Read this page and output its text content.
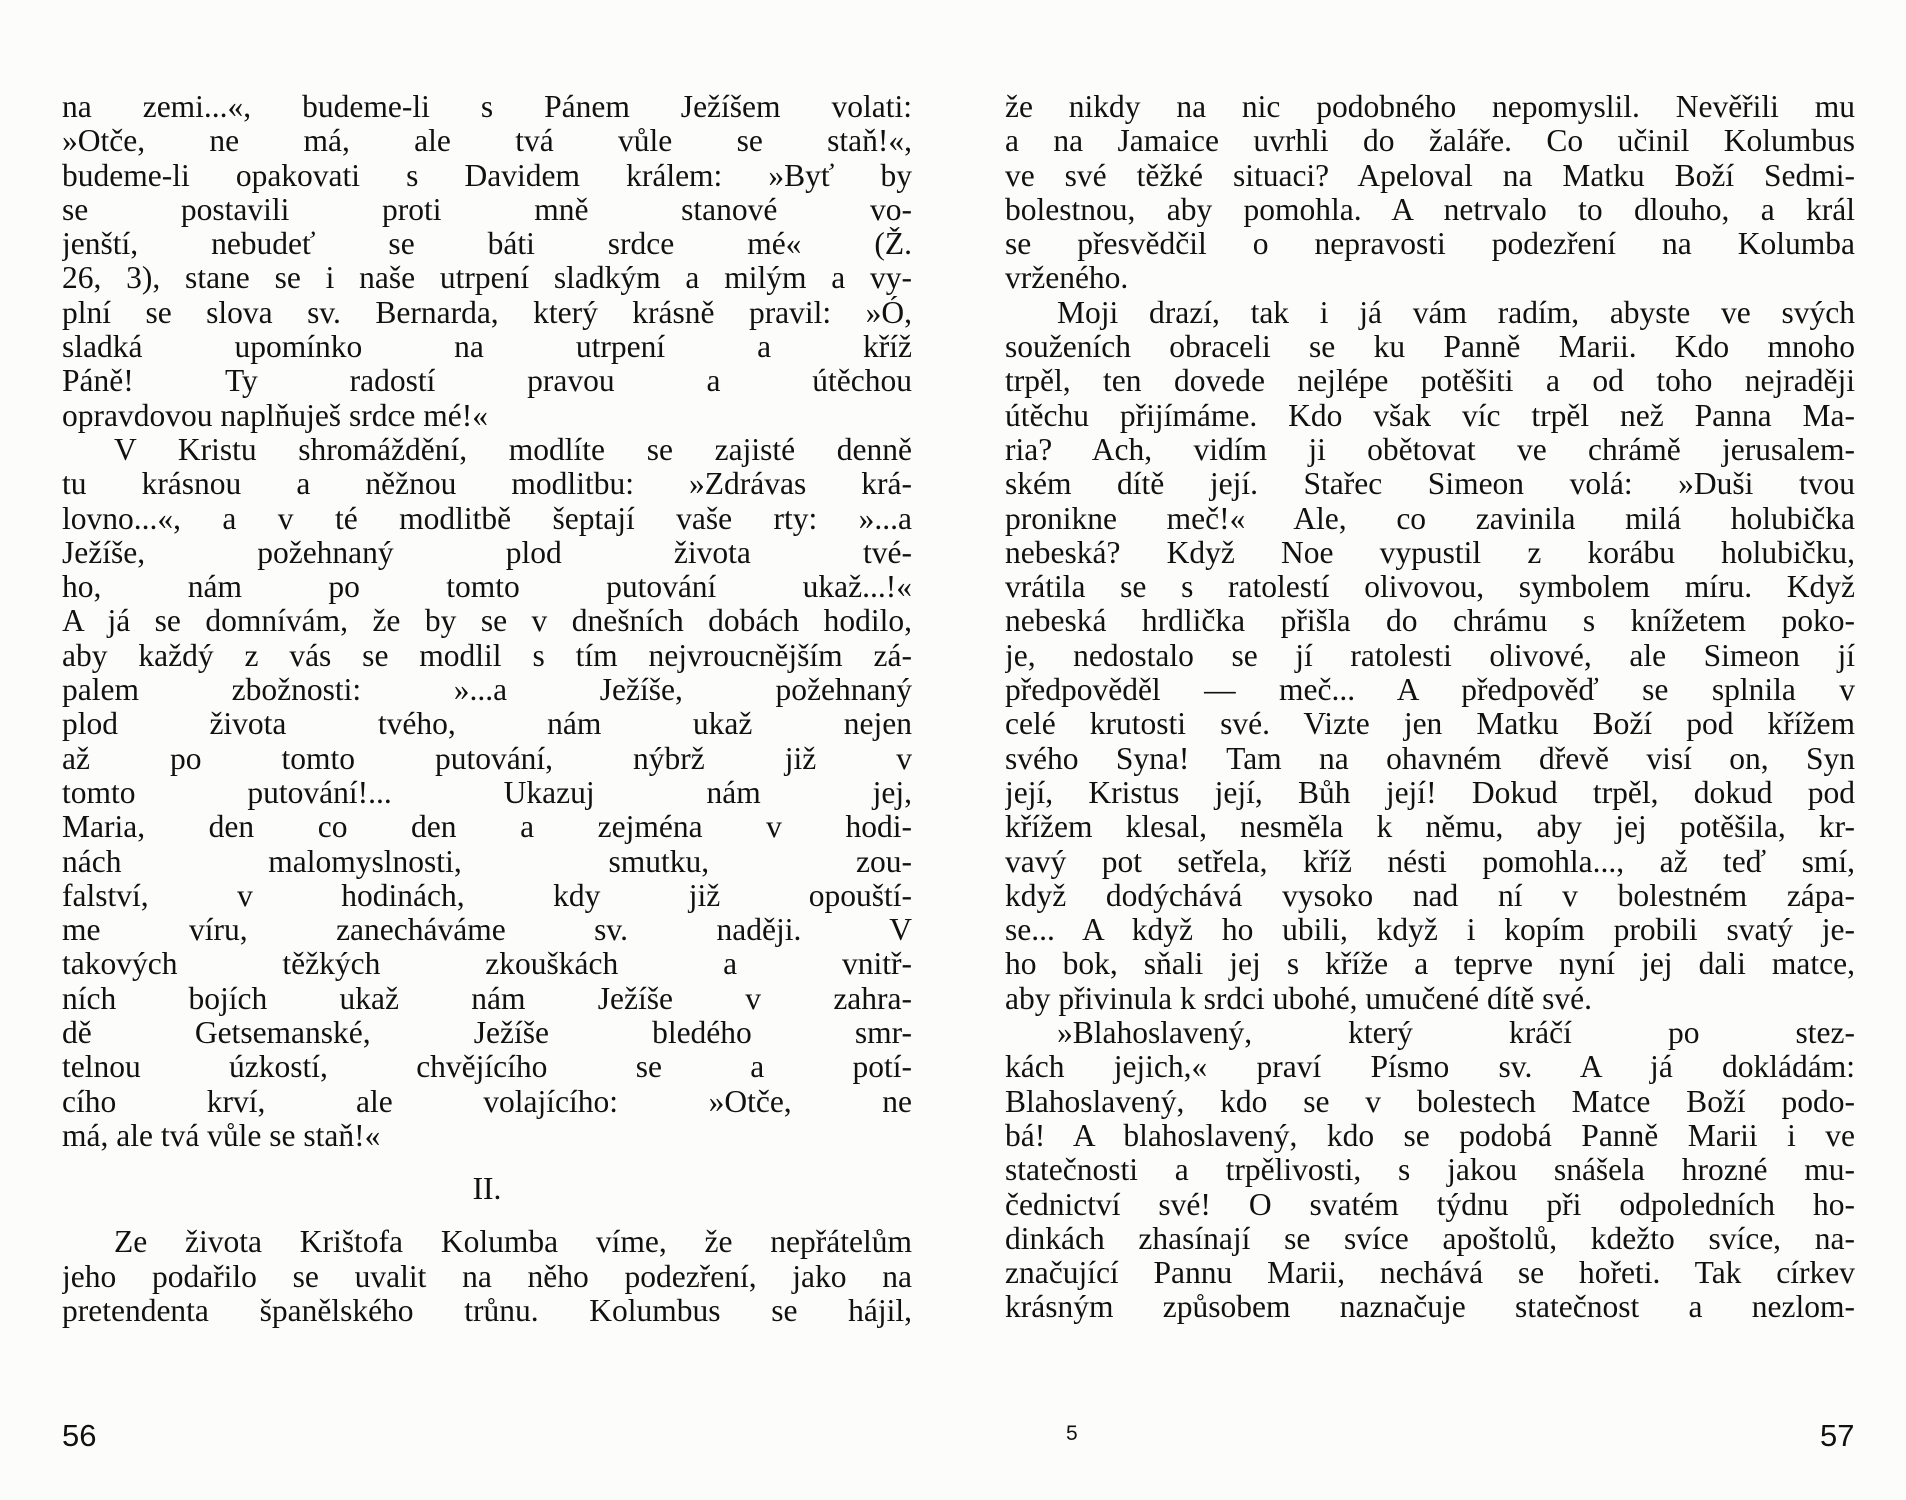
na zemi...«, budeme-li s Pánem Ježíšem volati:
»Otče, ne má, ale tvá vůle se staň!«,
budeme-li opakovati s Davidem králem: »Byť by
se postavili proti mně stanové vo-
jenští, nebudeť se báti srdce mé« (Ž.
26, 3), stane se i naše utrpení sladkým a milým a vy-
plní se slova sv. Bernarda, který krásně pravil: »Ó,
sladká upomínko na utrpení a kříž
Páně! Ty radostí pravou a útěchou
opravdovou naplňuješ srdce mé!«
V Kristu shromáždění, modlíte se zajisté denně
tu krásnou a něžnou modlitbu: »Zdrávas krá-
lovno...«, a v té modlitbě šeptají vaše rty: »...a
Ježíše, požehnaný plod života tvé-
ho, nám po tomto putování ukaž...!«
A já se domnívám, že by se v dnešních dobách hodilo,
aby každý z vás se modlil s tím nejvroucnějším zá-
palem zbožnosti: »...a Ježíše, požehnaný
plod života tvého, nám ukaž nejen
až po tomto putování, nýbrž již v
tomto putování!... Ukazuj nám jej,
Maria, den co den a zejména v hodi-
nách malomyslnosti, smutku, zou-
falství, v hodinách, kdy již opouští-
me víru, zanecháváme sv. naději. V
takových těžkých zkouškách a vnitř-
ních bojích ukaž nám Ježíše v zahra-
dě Getsemanské, Ježíše bledého smr-
telnou úzkostí, chvějícího se a potí-
cího krví, ale volajícího: »Otče, ne
má, ale tvá vůle se staň!«
II.
Ze života Krištofa Kolumba víme, že nepřátelům
jeho podařilo se uvalit na něho podezření, jako na
pretendenta španělského trůnu. Kolumbus se hájil,
že nikdy na nic podobného nepomyslil. Nevěřili mu
a na Jamaice uvrhli do žaláře. Co učinil Kolumbus
ve své těžké situaci? Apeloval na Matku Boží Sedmi-
bolestnou, aby pomohla. A netrvalo to dlouho, a král
se přesvědčil o nepravosti podezření na Kolumba
vrženého.
Moji drazí, tak i já vám radím, abyste ve svých
souženích obraceli se ku Panně Marii. Kdo mnoho
trpěl, ten dovede nejlépe potěšiti a od toho nejraději
útěchu přijímáme. Kdo však víc trpěl než Panna Ma-
ria? Ach, vidím ji obětovat ve chrámě jerusalem-
ském dítě její. Stařec Simeon volá: »Duši tvou
pronikne meč!« Ale, co zavinila milá holubička
nebeská? Když Noe vypustil z korábu holubičku,
vrátila se s ratolestí olivovou, symbolem míru. Když
nebeská hrdlička přišla do chrámu s knížetem poko-
je, nedostalo se jí ratolesti olivové, ale Simeon jí
předpověděl — meč... A předpověď se splnila v
celé krutosti své. Vizte jen Matku Boží pod křížem
svého Syna! Tam na ohavném dřevě visí on, Syn
její, Kristus její, Bůh její! Dokud trpěl, dokud pod
křížem klesal, nesměla k němu, aby jej potěšila, kr-
vavý pot setřela, kříž nésti pomohla..., až teď smí,
když dodýchává vysoko nad ní v bolestném zápa-
se... A když ho ubili, když i kopím probili svatý je-
ho bok, sňali jej s kříže a teprve nyní jej dali matce,
aby přivinula k srdci ubohé, umučené dítě své.
»Blahoslavený, který kráčí po stez-
kách jejich,« praví Písmo sv. A já dokládám:
Blahoslavený, kdo se v bolestech Matce Boží podo-
bá! A blahoslavený, kdo se podobá Panně Marii i ve
statečnosti a trpělivosti, s jakou snášela hrozné mu-
čednictví své! O svatém týdnu při odpoledních ho-
dinkách zhasínají se svíce apoštolů, kdežto svíce, na-
značující Pannu Marii, nechává se hořeti. Tak církev
krásným způsobem naznačuje statečnost a nezlom-
56	5	57
